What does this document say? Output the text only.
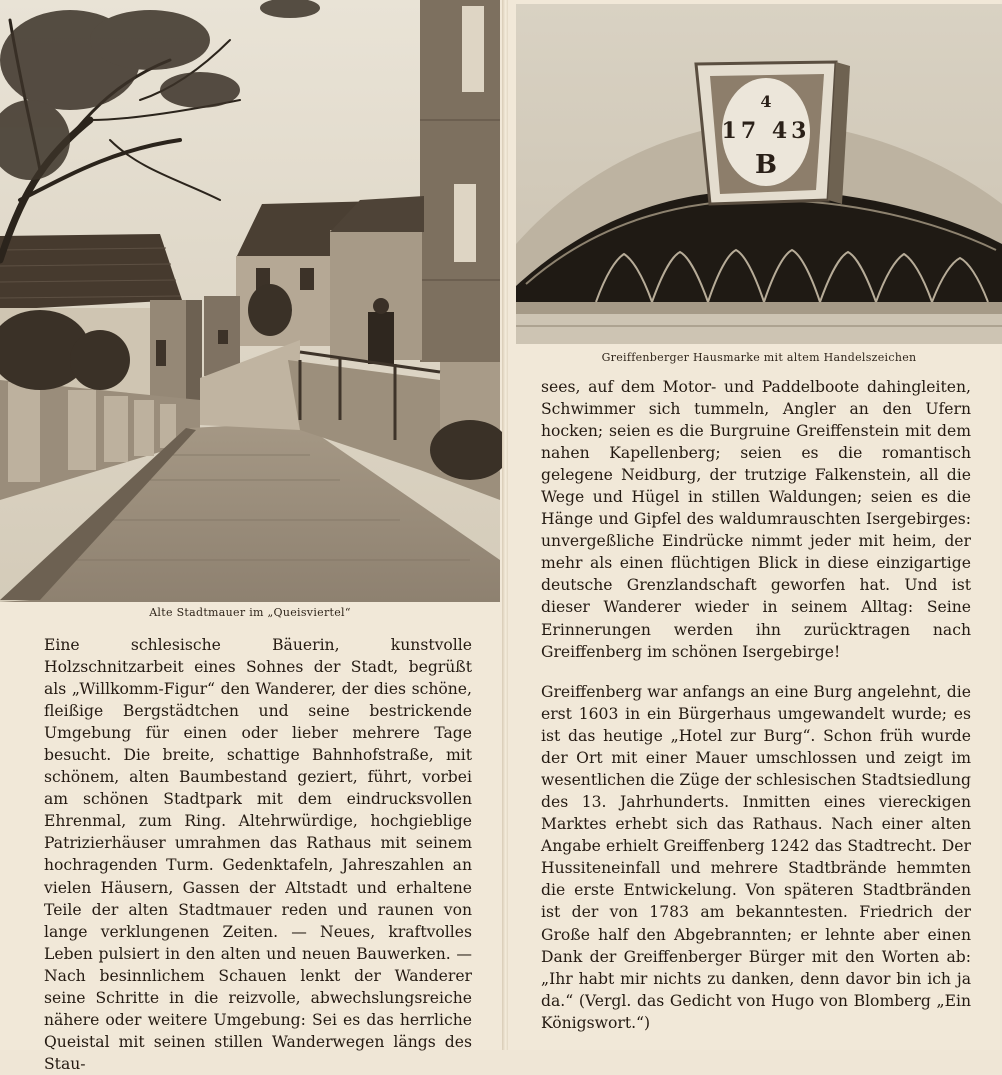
Alte Stadtmauer im „Queisviertel“

Eine schlesische Bäuerin, kunstvolle Holzschnitzarbeit eines Sohnes der Stadt, begrüßt als „Willkomm-Figur“ den Wanderer, der dies schöne, fleißige Bergstädtchen und seine bestrickende Umgebung für einen oder lieber mehrere Tage besucht. Die breite, schattige Bahnhofstraße, mit schönem, alten Baumbestand geziert, führt, vorbei am schönen Stadtpark mit dem eindrucksvollen Ehrenmal, zum Ring. Altehrwürdige, hochgieblige Patrizierhäuser umrahmen das Rathaus mit seinem hochragenden Turm. Gedenktafeln, Jahreszahlen an vielen Häusern, Gassen der Altstadt und erhaltene Teile der alten Stadtmauer reden und raunen von lange verklungenen Zeiten. — Neues, kraftvolles Leben pulsiert in den alten und neuen Bauwerken. — Nach besinnlichem Schauen lenkt der Wanderer seine Schritte in die reizvolle, abwechslungsreiche nähere oder weitere Umgebung: Sei es das herrliche Queistal mit seinen stillen Wanderwegen längs des Stau-

4
17 43
B
Greiffenberger Hausmarke mit altem Handelszeichen

sees, auf dem Motor- und Paddelboote dahingleiten, Schwimmer sich tummeln, Angler an den Ufern hocken; seien es die Burgruine Greiffenstein mit dem nahen Kapellenberg; seien es die romantisch gelegene Neidburg, der trutzige Falkenstein, all die Wege und Hügel in stillen Waldungen; seien es die Hänge und Gipfel des waldumrauschten Isergebirges: unvergeßliche Eindrücke nimmt jeder mit heim, der mehr als einen flüchtigen Blick in diese einzigartige deutsche Grenzlandschaft geworfen hat. Und ist dieser Wanderer wieder in seinem Alltag: Seine Erinnerungen werden ihn zurücktragen nach Greiffenberg im schönen Isergebirge!

Greiffenberg war anfangs an eine Burg angelehnt, die erst 1603 in ein Bürgerhaus umgewandelt wurde; es ist das heutige „Hotel zur Burg“. Schon früh wurde der Ort mit einer Mauer umschlossen und zeigt im wesentlichen die Züge der schlesischen Stadtsiedlung des 13. Jahrhunderts. Inmitten eines viereckigen Marktes erhebt sich das Rathaus. Nach einer alten Angabe erhielt Greiffenberg 1242 das Stadtrecht. Der Hussiteneinfall und mehrere Stadtbrände hemmten die erste Entwickelung. Von späteren Stadtbränden ist der von 1783 am bekanntesten. Friedrich der Große half den Abgebrannten; er lehnte aber einen Dank der Greiffenberger Bürger mit den Worten ab: „Ihr habt mir nichts zu danken, denn davor bin ich ja da.“ (Vergl. das Gedicht von Hugo von Blomberg „Ein Königswort.“)
